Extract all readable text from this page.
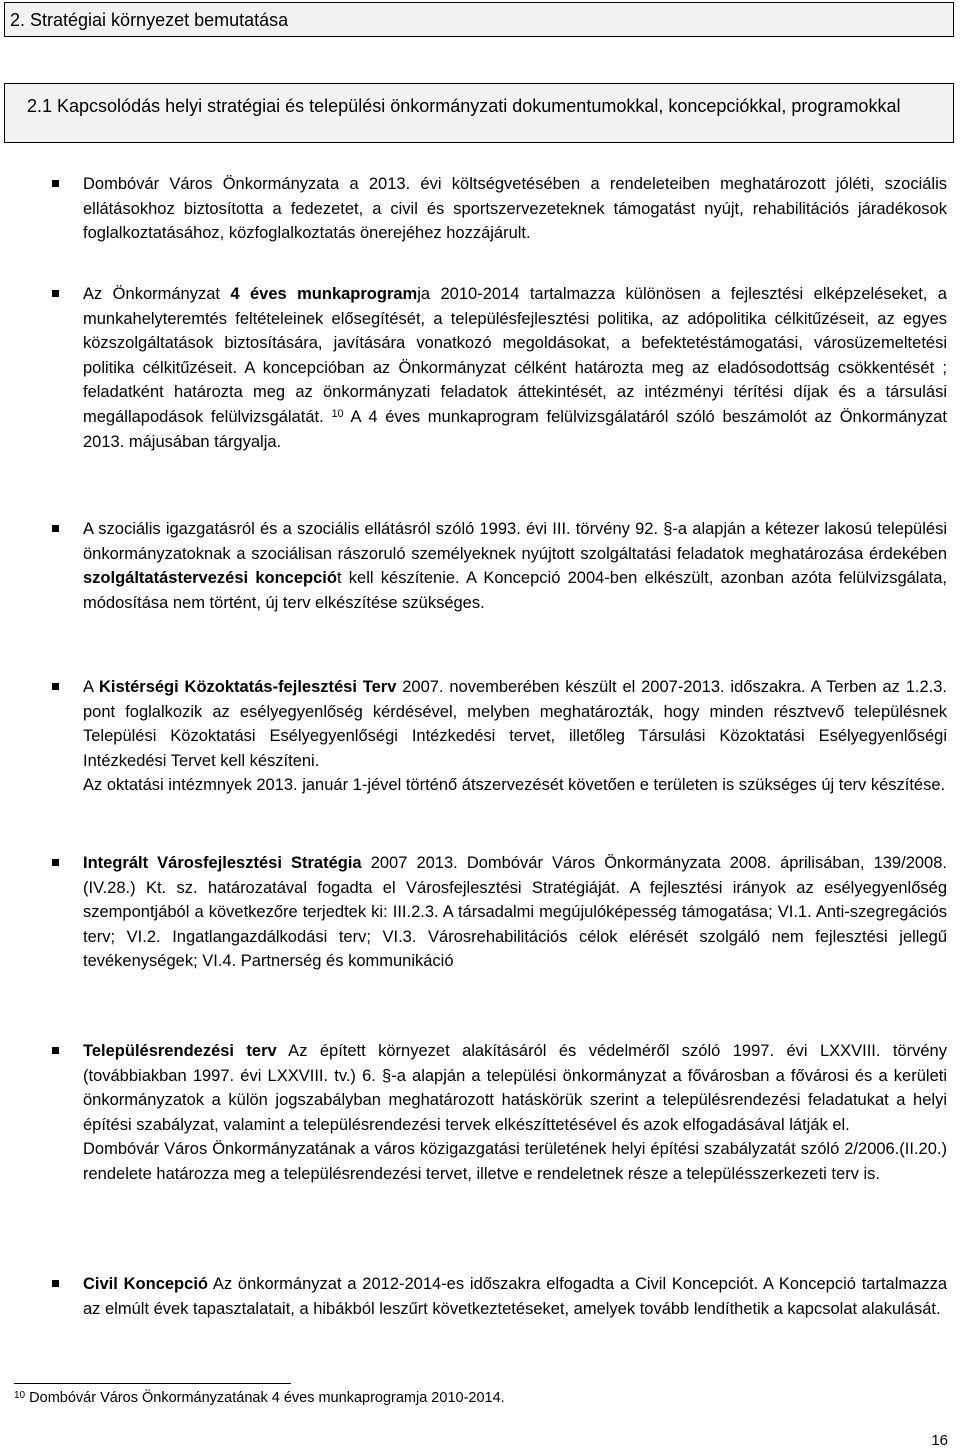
2. Stratégiai környezet bemutatása
2.1 Kapcsolódás helyi stratégiai és települési önkormányzati dokumentumokkal, koncepciókkal, programokkal

Dombóvár Város Önkormányzata a 2013. évi költségvetésében a rendeleteiben meghatározott jóléti, szociális ellátásokhoz biztosította a fedezetet, a civil és sportszervezeteknek támogatást nyújt, rehabilitációs járadékosok foglalkoztatásához, közfoglalkoztatás önerejéhez hozzájárult.

Az Önkormányzat 4 éves munkaprogramja 2010-2014 tartalmazza különösen a fejlesztési elképzeléseket, a munkahelyteremtés feltételeinek elősegítését, a településfejlesztési politika, az adópolitika célkitűzéseit, az egyes közszolgáltatások biztosítására, javítására vonatkozó megoldásokat, a befektetéstámogatási, városüzemeltetési politika célkitűzéseit. A koncepcióban az Önkormányzat célként határozta meg az eladósodottság csökkentését ; feladatként határozta meg az önkormányzati feladatok áttekintését, az intézményi térítési díjak és a társulási megállapodások felülvizsgálatát. $^{10}$ A 4 éves munkaprogram felülvizsgálatáról szóló beszámolót az Önkormányzat 2013. májusában tárgyalja.

A szociális igazgatásról és a szociális ellátásról szóló 1993. évi III. törvény 92. §-a alapján a kétezer lakosú települési önkormányzatoknak a szociálisan rászoruló személyeknek nyújtott szolgáltatási feladatok meghatározása érdekében szolgáltatástervezési koncepciót kell készítenie. A Koncepció 2004-ben elkészült, azonban azóta felülvizsgálata, módosítása nem történt, új terv elkészítése szükséges.

A Kistérségi Közoktatás-fejlesztési Terv 2007. novemberében készült el 2007-2013. időszakra. A Terben az 1.2.3. pont foglalkozik az esélyegyenlőség kérdésével, melyben meghatározták, hogy minden résztvevő településnek Települési Közoktatási Esélyegyenlőségi Intézkedési tervet, illetőleg Társulási Közoktatási Esélyegyenlőségi Intézkedési Tervet kell készíteni.

Az oktatási intézmnyek 2013. január 1-jével történő átszervezését követően e területen is szükséges új terv készítése.

Integrált Városfejlesztési Stratégia 2007 2013. Dombóvár Város Önkormányzata 2008. áprilisában, 139/2008. (IV.28.) Kt. sz. határozatával fogadta el Városfejlesztési Stratégiáját. A fejlesztési irányok az esélyegyenlőség szempontjából a következőre terjedtek ki: III.2.3. A társadalmi megújulóképesség támogatása; VI.1. Anti-szegregációs terv; VI.2. Ingatlangazdálkodási terv; VI.3. Városrehabilitációs célok elérését szolgáló nem fejlesztési jellegű tevékenységek; VI.4. Partnerség és kommunikáció

Településrendezési terv Az épített környezet alakításáról és védelméről szóló 1997. évi LXXVIII. törvény (továbbiakban 1997. évi LXXVIII. tv.) 6. §-a alapján a települési önkormányzat a fővárosban a fővárosi és a kerületi önkormányzatok a külön jogszabályban meghatározott hatáskörük szerint a településrendezési feladatukat a helyi építési szabályzat, valamint a településrendezési tervek elkészíttetésével és azok elfogadásával látják el.

Dombóvár Város Önkormányzatának a város közigazgatási területének helyi építési szabályzatát szóló 2/2006.(II.20.) rendelete határozza meg a településrendezési tervet, illetve e rendeletnek része a településszerkezeti terv is.

Civil Koncepció Az önkormányzat a 2012-2014-es időszakra elfogadta a Civil Koncepciót. A Koncepció tartalmazza az elmúlt évek tapasztalatait, a hibákból leszűrt következtetéseket, amelyek tovább lendíthetik a kapcsolat alakulását.

$^{10}$ Dombóvár Város Önkormányzatának 4 éves munkaprogramja 2010-2014.
16
